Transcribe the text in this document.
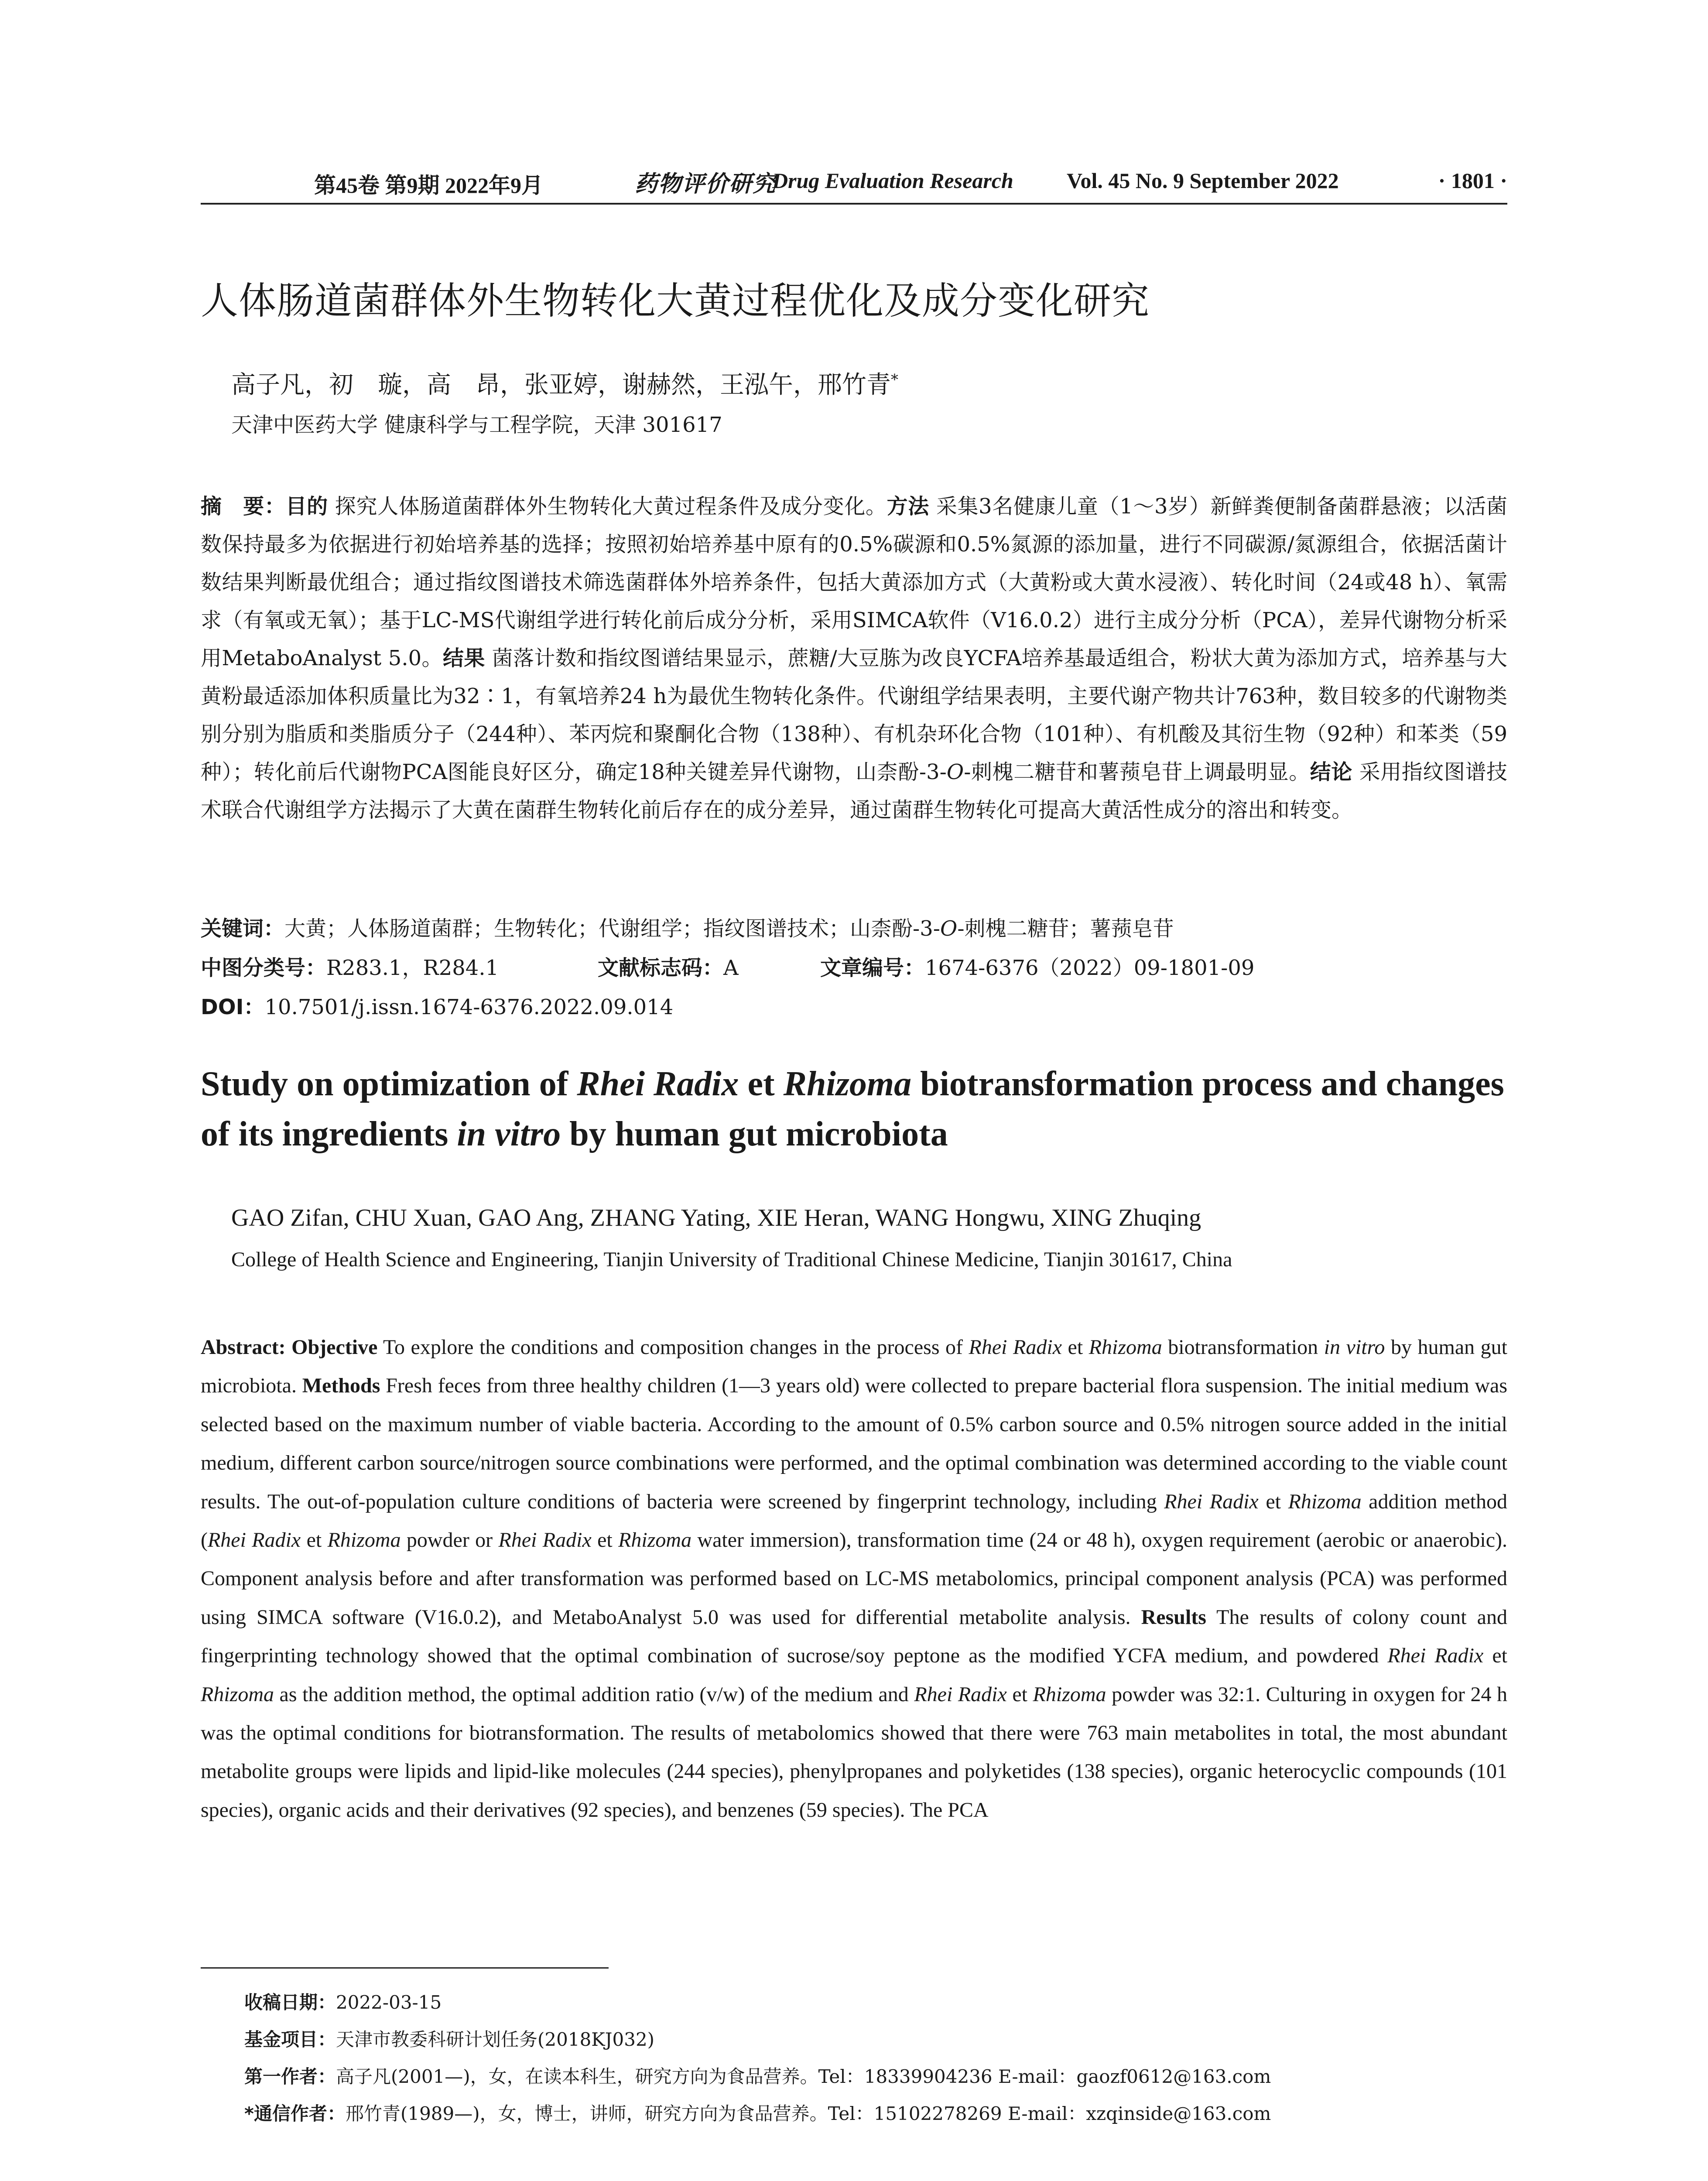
第45卷 第9期 2022年9月	药物评价研究
Drug Evaluation Research Vol. 45 No. 9 September 2022	· 1801 ·
人体肠道菌群体外生物转化大黄过程优化及成分变化研究
高子凡，初　璇，高　昂，张亚婷，谢赫然，王泓午，邢竹青*
天津中医药大学 健康科学与工程学院，天津 301617
摘　要：目的 探究人体肠道菌群体外生物转化大黄过程条件及成分变化。方法 采集3名健康儿童（1～3岁）新鲜粪便制备菌群悬液；以活菌数保持最多为依据进行初始培养基的选择；按照初始培养基中原有的0.5%碳源和0.5%氮源的添加量，进行不同碳源/氮源组合，依据活菌计数结果判断最优组合；通过指纹图谱技术筛选菌群体外培养条件，包括大黄添加方式（大黄粉或大黄水浸液）、转化时间（24或48 h）、氧需求（有氧或无氧）；基于LC-MS代谢组学进行转化前后成分分析，采用SIMCA软件（V16.0.2）进行主成分分析（PCA），差异代谢物分析采用MetaboAnalyst 5.0。结果 菌落计数和指纹图谱结果显示，蔗糖/大豆胨为改良YCFA培养基最适组合，粉状大黄为添加方式，培养基与大黄粉最适添加体积质量比为32∶1，有氧培养24 h为最优生物转化条件。代谢组学结果表明，主要代谢产物共计763种，数目较多的代谢物类别分别为脂质和类脂质分子（244种）、苯丙烷和聚酮化合物（138种）、有机杂环化合物（101种）、有机酸及其衍生物（92种）和苯类（59种）；转化前后代谢物PCA图能良好区分，确定18种关键差异代谢物，山柰酚-3-O-刺槐二糖苷和薯蓣皂苷上调最明显。结论 采用指纹图谱技术联合代谢组学方法揭示了大黄在菌群生物转化前后存在的成分差异，通过菌群生物转化可提高大黄活性成分的溶出和转变。
关键词：大黄；人体肠道菌群；生物转化；代谢组学；指纹图谱技术；山柰酚-3-O-刺槐二糖苷；薯蓣皂苷
中图分类号：R283.1，R284.1	文献标志码：A	文章编号：1674-6376（2022）09-1801-09
DOI：10.7501/j.issn.1674-6376.2022.09.014
Study on optimization of Rhei Radix et Rhizoma biotransformation process and changes of its ingredients in vitro by human gut microbiota
GAO Zifan, CHU Xuan, GAO Ang, ZHANG Yating, XIE Heran, WANG Hongwu, XING Zhuqing
College of Health Science and Engineering, Tianjin University of Traditional Chinese Medicine, Tianjin 301617, China
Abstract: Objective To explore the conditions and composition changes in the process of Rhei Radix et Rhizoma biotransformation in vitro by human gut microbiota. Methods Fresh feces from three healthy children (1—3 years old) were collected to prepare bacterial flora suspension. The initial medium was selected based on the maximum number of viable bacteria. According to the amount of 0.5% carbon source and 0.5% nitrogen source added in the initial medium, different carbon source/nitrogen source combinations were performed, and the optimal combination was determined according to the viable count results. The out-of-population culture conditions of bacteria were screened by fingerprint technology, including Rhei Radix et Rhizoma addition method (Rhei Radix et Rhizoma powder or Rhei Radix et Rhizoma water immersion), transformation time (24 or 48 h), oxygen requirement (aerobic or anaerobic). Component analysis before and after transformation was performed based on LC-MS metabolomics, principal component analysis (PCA) was performed using SIMCA software (V16.0.2), and MetaboAnalyst 5.0 was used for differential metabolite analysis. Results The results of colony count and fingerprinting technology showed that the optimal combination of sucrose/soy peptone as the modified YCFA medium, and powdered Rhei Radix et Rhizoma as the addition method, the optimal addition ratio (v/w) of the medium and Rhei Radix et Rhizoma powder was 32:1. Culturing in oxygen for 24 h was the optimal conditions for biotransformation. The results of metabolomics showed that there were 763 main metabolites in total, the most abundant metabolite groups were lipids and lipid-like molecules (244 species), phenylpropanes and polyketides (138 species), organic heterocyclic compounds (101 species), organic acids and their derivatives (92 species), and benzenes (59 species). The PCA
收稿日期：2022-03-15
基金项目：天津市教委科研计划任务(2018KJ032)
第一作者：高子凡(2001—)，女，在读本科生，研究方向为食品营养。Tel：18339904236 E-mail：gaozf0612@163.com
*通信作者：邢竹青(1989—)，女，博士，讲师，研究方向为食品营养。Tel：15102278269 E-mail：xzqinside@163.com
